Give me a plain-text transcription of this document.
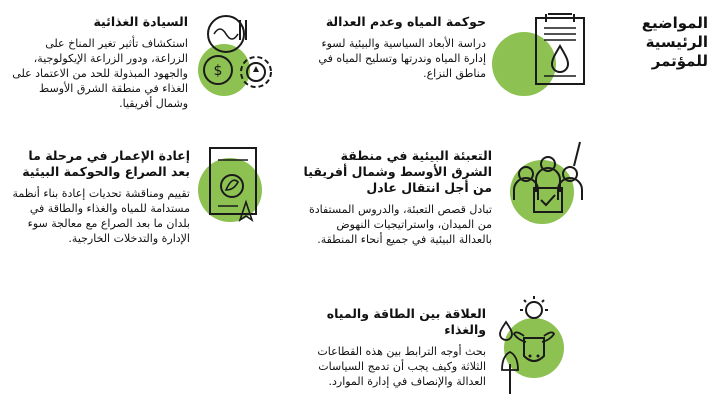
المواضيع الرئيسية للمؤتمر
حوكمة المياه وعدم العدالة

دراسة الأبعاد السياسية والبيئية لسوء إدارة المياه وندرتها وتسليح المياه في مناطق النزاع.

$
السيادة الغذائية

استكشاف تأثير تغير المناخ على الزراعة، ودور الزراعة الإيكولوجية، والجهود المبذولة للحد من الاعتماد على الغذاء في منطقة الشرق الأوسط وشمال أفريقيا.

التعبئة البيئية في منطقة الشرق الأوسط وشمال أفريقيا من أجل انتقال عادل

تبادل قصص التعبئة، والدروس المستفادة من الميدان، واستراتيجيات النهوض بالعدالة البيئية في جميع أنحاء المنطقة.

إعادة الإعمار في مرحلة ما بعد الصراع والحوكمة البيئية

تقييم ومناقشة تحديات إعادة بناء أنظمة مستدامة للمياه والغذاء والطاقة في بلدان ما بعد الصراع مع معالجة سوء الإدارة والتدخلات الخارجية.

العلاقة بين الطاقة والمياه والغذاء

بحث أوجه الترابط بين هذه القطاعات الثلاثة وكيف يجب أن تدمج السياسات العدالة والإنصاف في إدارة الموارد.
